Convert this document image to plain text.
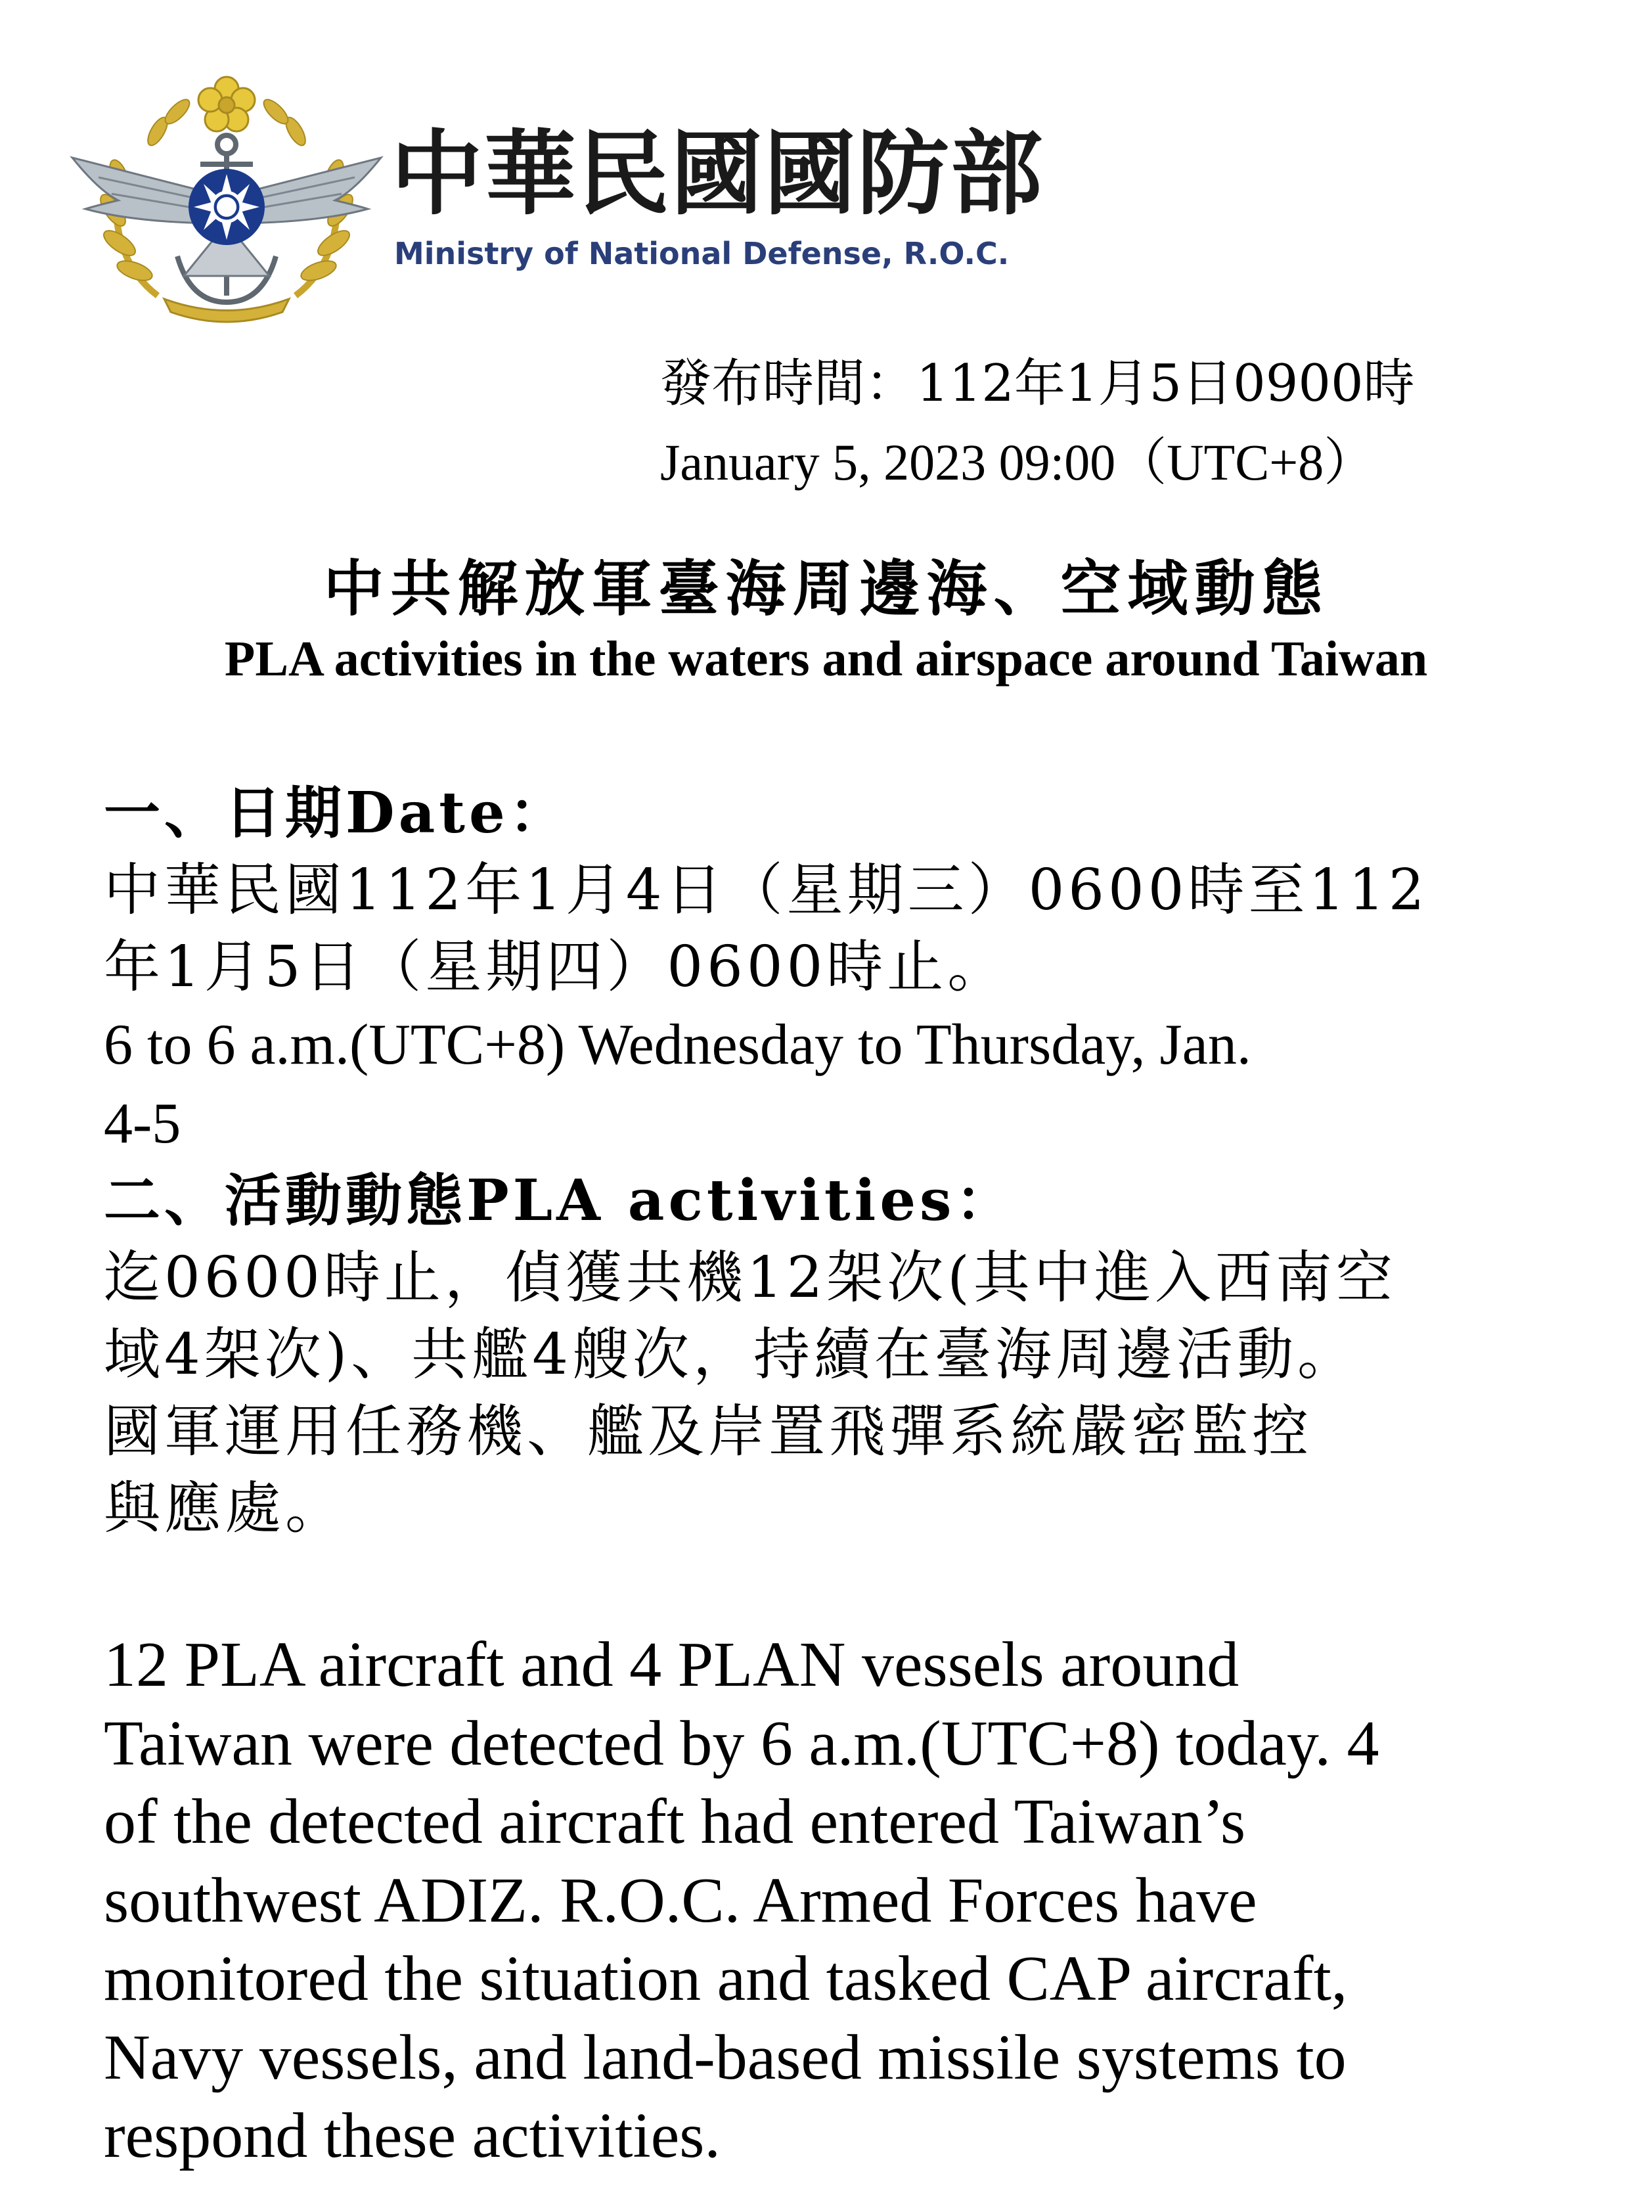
中華民國國防部
Ministry of National Defense, R.O.C.
發布時間：112年1月5日0900時
January 5, 2023 09:00（UTC+8）
中共解放軍臺海周邊海、空域動態
PLA activities in the waters and airspace around Taiwan

一、日期Date：

中華民國112年1月4日（星期三）0600時至112

年1月5日（星期四）0600時止。

6 to 6 a.m.(UTC+8) Wednesday to Thursday, Jan.

4-5

二、活動動態PLA activities：

迄0600時止，偵獲共機12架次(其中進入西南空

域4架次)、共艦4艘次，持續在臺海周邊活動。

國軍運用任務機、艦及岸置飛彈系統嚴密監控

與應處。

12 PLA aircraft and 4 PLAN vessels around

Taiwan were detected by 6 a.m.(UTC+8) today. 4

of the detected aircraft had entered Taiwan’s

southwest ADIZ. R.O.C. Armed Forces have

monitored the situation and tasked CAP aircraft,

Navy vessels, and land-based missile systems to

respond these activities.
